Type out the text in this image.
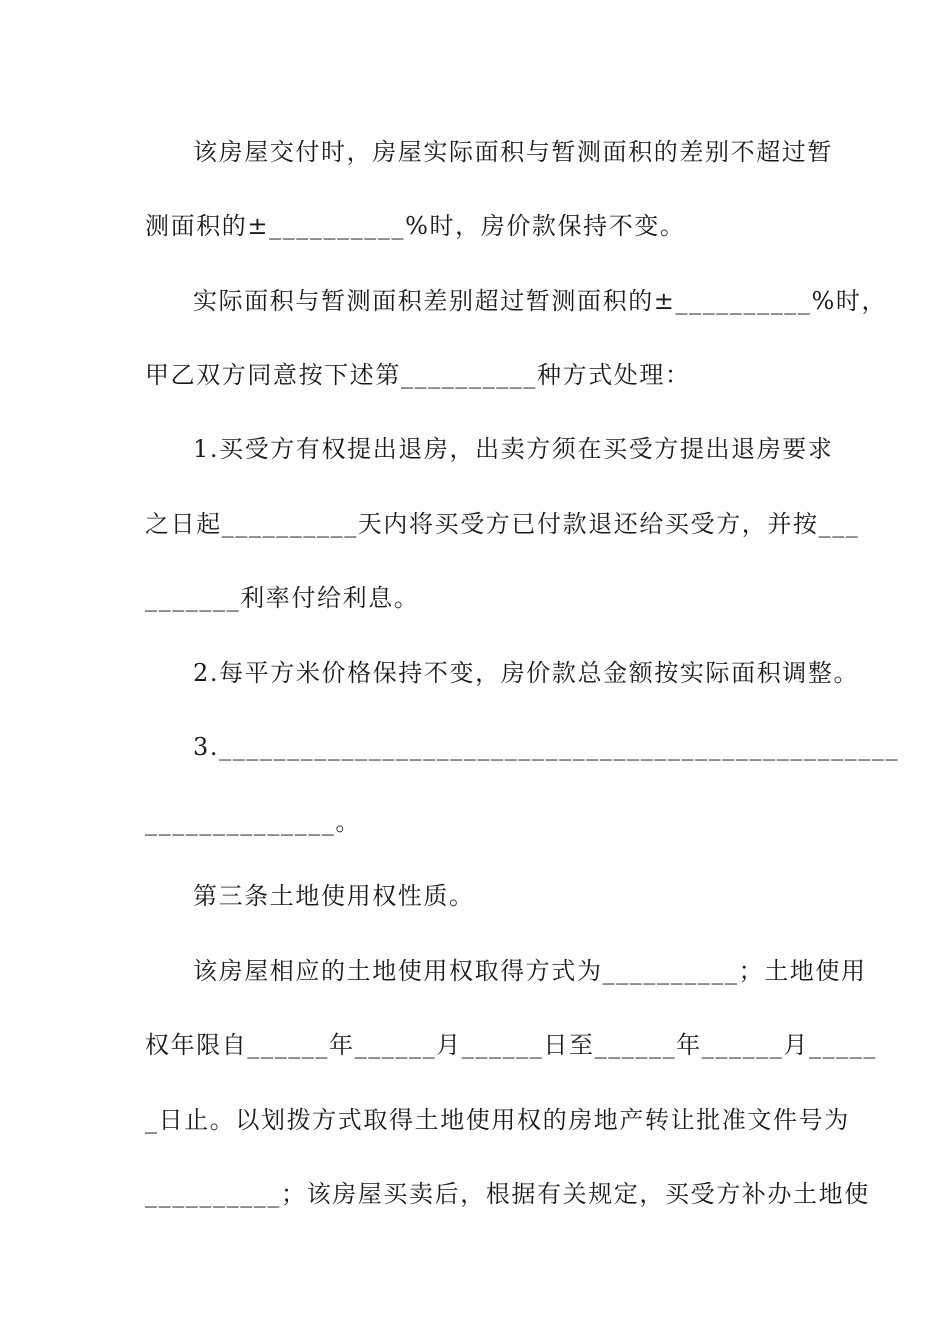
该房屋交付时，房屋实际面积与暂测面积的差别不超过暂
测面积的±__________%时，房价款保持不变。
实际面积与暂测面积差别超过暂测面积的±__________%时，
甲乙双方同意按下述第__________种方式处理：
1.买受方有权提出退房，出卖方须在买受方提出退房要求
之日起__________天内将买受方已付款退还给买受方，并按___
_______利率付给利息。
2.每平方米价格保持不变，房价款总金额按实际面积调整。
3.__________________________________________________
______________。
第三条土地使用权性质。
该房屋相应的土地使用权取得方式为__________；土地使用
权年限自______年______月______日至______年______月_____
_日止。以划拨方式取得土地使用权的房地产转让批准文件号为
__________；该房屋买卖后，根据有关规定，买受方补办土地使
